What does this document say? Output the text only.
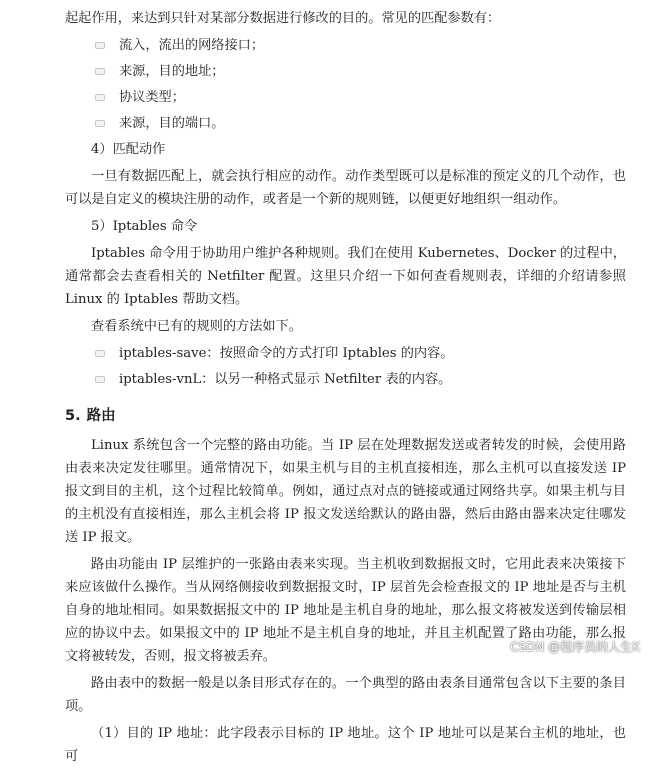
起起作用，来达到只针对某部分数据进行修改的目的。常见的匹配参数有：

流入，流出的网络接口；
来源，目的地址；
协议类型；
来源，目的端口。

4）匹配动作

一旦有数据匹配上，就会执行相应的动作。动作类型既可以是标准的预定义的几个动作，也可以是自定义的模块注册的动作，或者是一个新的规则链，以便更好地组织一组动作。

5）Iptables 命令

Iptables 命令用于协助用户维护各种规则。我们在使用 Kubernetes、Docker 的过程中，通常都会去查看相关的 Netfilter 配置。这里只介绍一下如何查看规则表，详细的介绍请参照 Linux 的 Iptables 帮助文档。

查看系统中已有的规则的方法如下。

iptables-save：按照命令的方式打印 Iptables 的内容。
iptables-vnL：以另一种格式显示 Netfilter 表的内容。
5. 路由

Linux 系统包含一个完整的路由功能。当 IP 层在处理数据发送或者转发的时候，会使用路由表来决定发往哪里。通常情况下，如果主机与目的主机直接相连，那么主机可以直接发送 IP 报文到目的主机，这个过程比较简单。例如，通过点对点的链接或通过网络共享。如果主机与目的主机没有直接相连，那么主机会将 IP 报文发送给默认的路由器，然后由路由器来决定往哪发送 IP 报文。

路由功能由 IP 层维护的一张路由表来实现。当主机收到数据报文时，它用此表来决策接下来应该做什么操作。当从网络侧接收到数据报文时，IP 层首先会检查报文的 IP 地址是否与主机自身的地址相同。如果数据报文中的 IP 地址是主机自身的地址，那么报文将被发送到传输层相应的协议中去。如果报文中的 IP 地址不是主机自身的地址，并且主机配置了路由功能，那么报文将被转发，否则，报文将被丢弃。

路由表中的数据一般是以条目形式存在的。一个典型的路由表条目通常包含以下主要的条目项。

（1）目的 IP 地址：此字段表示目标的 IP 地址。这个 IP 地址可以是某台主机的地址，也可

CSDN @程序员的人生K
